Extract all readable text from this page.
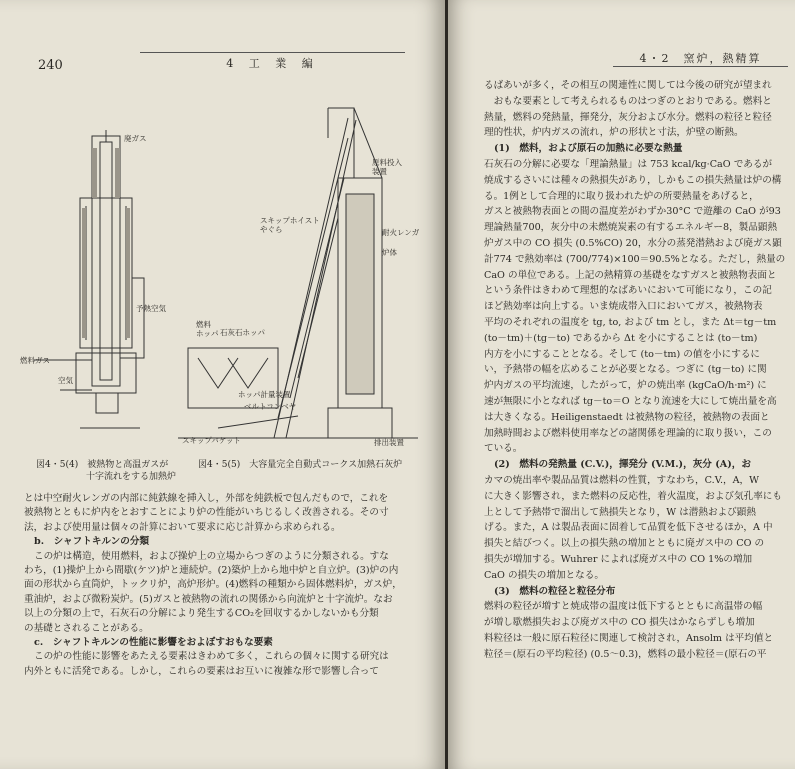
240	4 工 業 編
廃ガス
予熱空気
燃料ガス
空気
原料投入
装置
スキップホイスト
やぐら	耐火レンガ
炉体
燃料
ホッパ 石灰石ホッパ
ホッパ計量装置
ベルトコンベヤ
スキップバケット	排出装置
図4・5(4)　被熱物と高温ガスが
十字流れをする加熱炉
図4・5(5)　大容量完全自動式コークス加熱石灰炉

とは中空耐火レンガの内部に純鉄線を挿入し，外部を純鉄板で包んだもので，これを

被熱物とともに炉内をとおすことにより炉の性能がいちじるしく改善される。その寸

法，および使用量は個々の計算において要求に応じ計算から求められる。

b.　シャフトキルンの分類

この炉は構造，使用燃料，および操炉上の立場からつぎのように分類される。すな

わち，(1)操炉上から間歇(ケツ)炉と連続炉。(2)築炉上から地中炉と自立炉。(3)炉の内

面の形状から直筒炉，トックリ炉，高炉形炉。(4)燃料の種類から固体燃料炉，ガス炉，

重油炉，および微粉炭炉。(5)ガスと被熱物の流れの関係から向流炉と十字流炉。なお

以上の分類の上で，石灰石の分解により発生するCO₂を回収するかしないかも分類

の基礎とされることがある。

c.　シャフトキルンの性能に影響をおよぼすおもな要素

この炉の性能に影響をあたえる要素はきわめて多く，これらの個々に関する研究は

内外ともに活発である。しかし，これらの要素はお互いに複雑な形で影響し合って

4・2　窯炉，熱精算

るばあいが多く，その相互の関連性に関しては今後の研究が望まれ

　おもな要素として考えられるものはつぎのとおりである。燃料と

熱量，燃料の発熱量，揮発分，灰分および水分。燃料の粒径と粒径

理的性状，炉内ガスの流れ，炉の形状と寸法，炉壁の断熱。

(1)　燃料，および原石の加熱に必要な熱量

石灰石の分解に必要な「理論熱量」は 753 kcal/kg·CaO であるが

焼成するさいには種々の熱損失があり，しかもこの損失熱量は炉の構

る。1例として合理的に取り扱われた炉の所要熱量をあげると，

ガスと被熱物表面との間の温度差がわずか30°C で遊離の CaO が93

理論熱量700，灰分中の未燃焼炭素の有するエネルギー8，製品顕熱

炉ガス中の CO 損失 (0.5%CO) 20，水分の蒸発潜熱および廃ガス顕

計774 で熱効率は (700/774)×100＝90.5%となる。ただし，熱量の

CaO の単位である。上記の熱精算の基礎をなすガスと被熱物表面と

という条件はきわめて理想的なばあいにおいて可能になり，この記

ほど熱効率は向上する。いま焼成帯入口においてガス，被熱物表

平均のそれぞれの温度を tg, to, および tm とし，また Δt＝tg－tm

(to－tm)＋(tg－to) であるから Δt を小にすることは (to－tm)

内方を小にすることとなる。そして (to－tm) の値を小にするに

い，予熱帯の幅を広めることが必要となる。つぎに (tg－to) に関

炉内ガスの平均流速，したがって，炉の焼出率 (kgCaO/h·m²) に

速が無限に小となれば tg－to＝O となり流速を大にして焼出量を高

は大きくなる。Heiligenstaedt は被熱物の粒径，被熱物の表面と

加熱時間および燃料使用率などの諸関係を理論的に取り扱い，この

ている。

(2)　燃料の発熱量 (C.V.)，揮発分 (V.M.)，灰分 (A)，お

カマの焼出率や製品品質は燃料の性質，すなわち，C.V.，A，W

に大きく影響され，また燃料の反応性，着火温度，および気孔率にも

上として予熱帯で溜出して熱損失となり，W は潜熱および顕熱

げる。また，A は製品表面に固着して品質を低下させるほか，A 中

損失と結びつく。以上の損失熱の増加とともに廃ガス中の CO の

損失が増加する。Wuhrer によれば廃ガス中の CO 1%の増加

CaO の損失の増加となる。

(3)　燃料の粒径と粒径分布

燃料の粒径が増すと焼成帯の温度は低下するとともに高温帯の幅

が増し歇燃損失および廃ガス中の CO 損失はかならずしも増加

料粒径は一般に原石粒径に関連して検討され，Ansolm は平均値と

粒径＝(原石の平均粒径) (0.5～0.3)，燃料の最小粒径＝(原石の平
